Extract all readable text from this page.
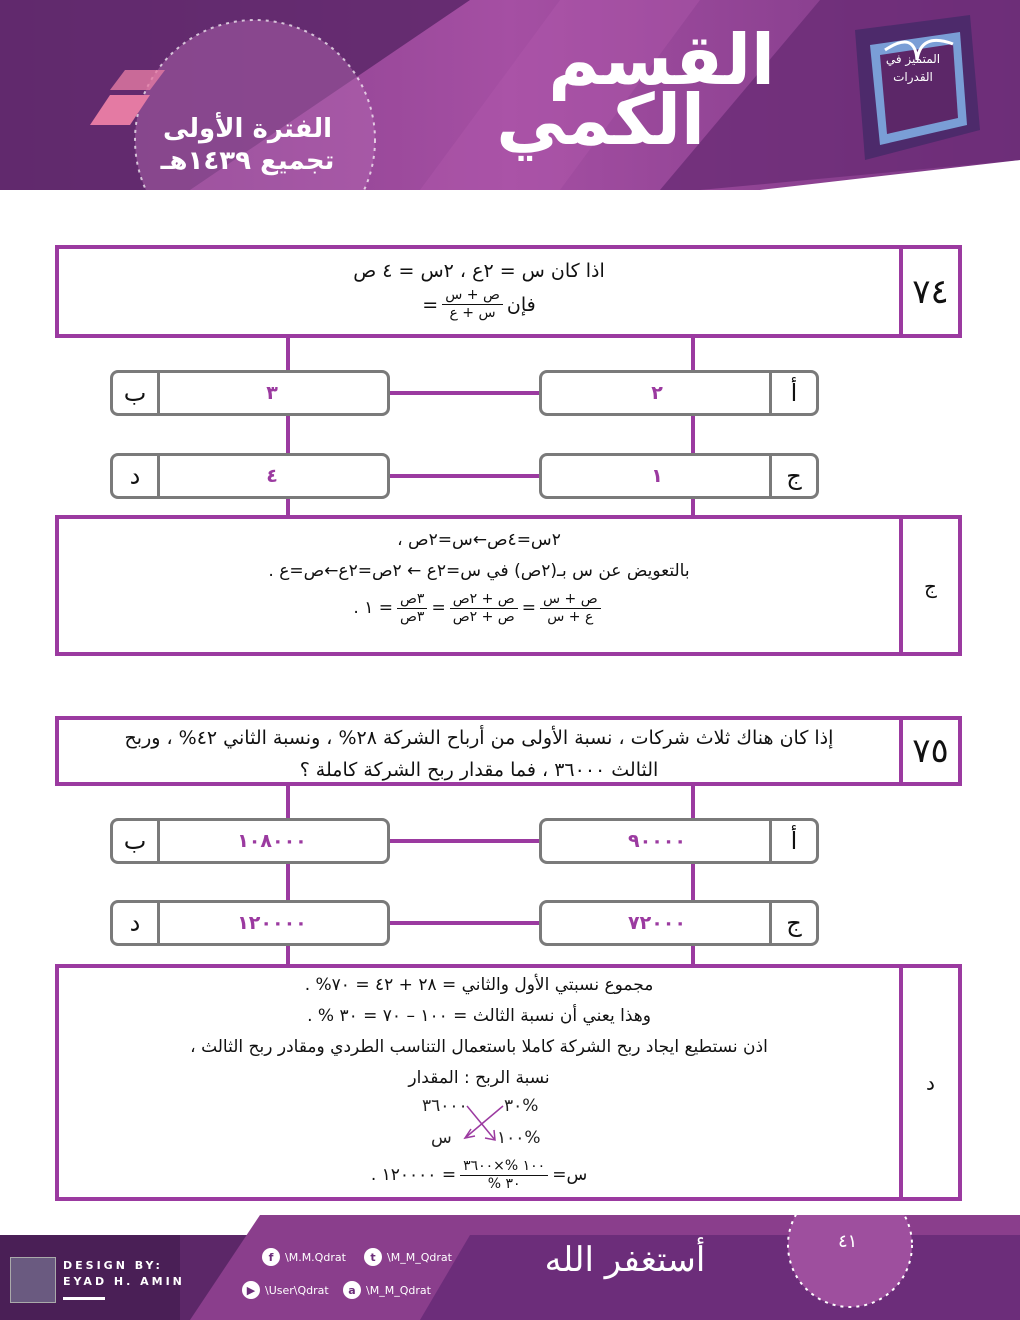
المتميز في القدرات
القسم
الكمي
الفترة الأولى
تجميع ١٤٣٩هـ
اذا كان س = ٢ع ، ٢س = ٤ ص
فإن
$\frac{\text{ص + س}}{\text{س + ع}}$
=	٧٤
أ
٢
ب	٣
ج
١
د	٤
٢س=٤ص←س=٢ص ،
بالتعويض عن س بـ(٢ص) في س=٢ع ← ٢ص=٢ع←ص=ع .
$\frac{\text{ص + س}}{\text{ع + س}}$
=
$\frac{\text{ص + ٢ص}}{\text{ص + ٢ص}}$
=
$\frac{\text{٣ص}}{\text{٣ص}}$
= ١ .
ج
إذا كان هناك ثلاث شركات ، نسبة الأولى من أرباح الشركة ٢٨% ، ونسبة الثاني ٤٢% ، وربح
الثالث ٣٦٠٠٠ ، فما مقدار ربح الشركة كاملة ؟	٧٥
أ
٩٠٠٠٠
ب	١٠٨٠٠٠
ج
٧٢٠٠٠
د	١٢٠٠٠٠
مجموع نسبتي الأول والثاني = ٢٨ + ٤٢ = ٧٠% .
وهذا يعني أن نسبة الثالث = ١٠٠ – ٧٠ = ٣٠ % .
اذن نستطيع ايجاد ربح الشركة كاملا باستعمال التناسب الطردي ومقادر ربح الثالث ،
نسبة الربح : المقدار
٣٠%
٣٦٠٠٠
١٠٠%
س
س=
$\frac{١٠٠ \%\times ٣٦٠٠}{٣٠ \%}$
= ١٢٠٠٠٠ .
د
٤١
أستغفر الله
f	\M.M.Qdrat	t	\M_M_Qdrat
▶ \User\Qdrat	a \M_M_Qdrat
DESIGN BY:
EYAD H. AMIN
